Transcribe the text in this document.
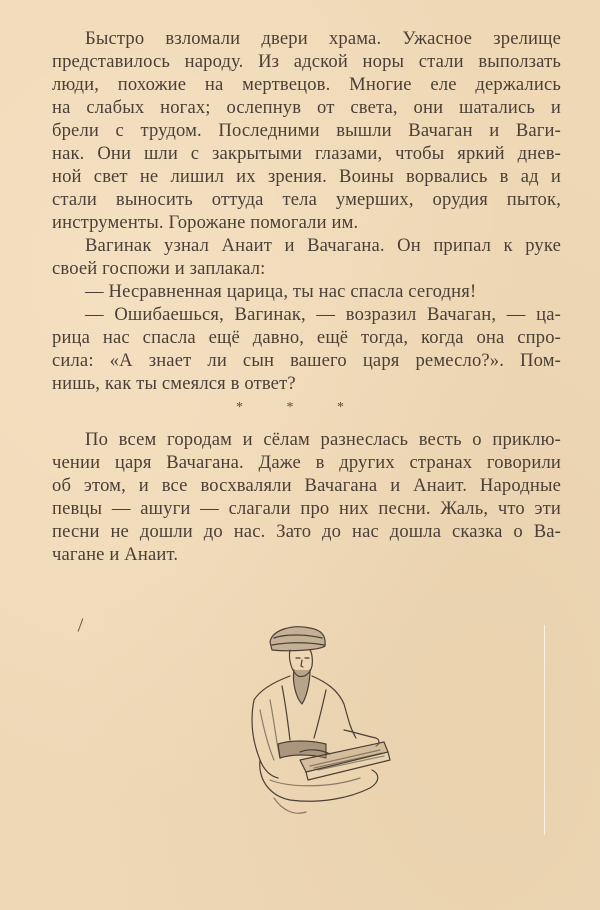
Быстро взломали двери храма. Ужасное зрелище
представилось народу. Из адской норы стали выползать
люди, похожие на мертвецов. Многие еле держались
на слабых ногах; ослепнув от света, они шатались и
брели с трудом. Последними вышли Вачаган и Ваги-
нак. Они шли с закрытыми глазами, чтобы яркий днев-
ной свет не лишил их зрения. Воины ворвались в ад и
стали выносить оттуда тела умерших, орудия пыток,
инструменты. Горожане помогали им.
Вагинак узнал Анаит и Вачагана. Он припал к руке
своей госпожи и заплакал:
— Несравненная царица, ты нас спасла сегодня!
— Ошибаешься, Вагинак, — возразил Вачаган, — ца-
рица нас спасла ещё давно, ещё тогда, когда она спро-
сила: «А знает ли сын вашего царя ремесло?». Пом-
нишь, как ты смеялся в ответ?
* * *
По всем городам и сёлам разнеслась весть о приклю-
чении царя Вачагана. Даже в других странах говорили
об этом, и все восхваляли Вачагана и Анаит. Народные
певцы — ашуги — слагали про них песни. Жаль, что эти
песни не дошли до нас. Зато до нас дошла сказка о Ва-
чагане и Анаит.
